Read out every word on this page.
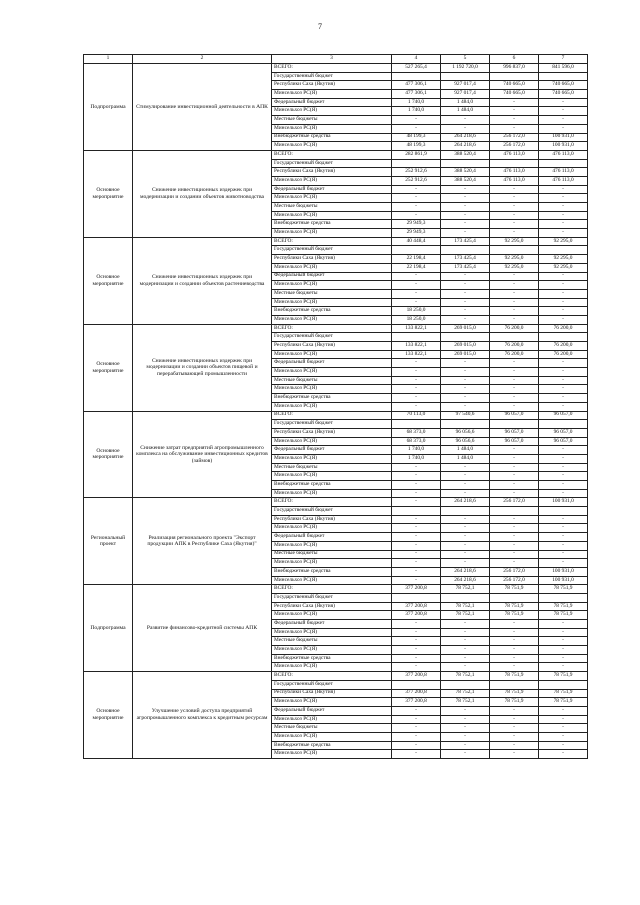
7
1	2	3	4	5	6	7
Подпрограмма	Стимулирование инвестиционной деятельности в АПК	ВСЕГО:	527 265,4	1 192 720,0	996 837,0	841 596,0
		Государственный бюджет				
		Республики Саха (Якутия)	477 306,1	927 017,4	740 665,0	740 665,0
		Минсельхоз РС(Я)	477 306,1	927 017,4	740 665,0	740 665,0
		Федеральный бюджет	1 740,0	1 484,0	-	-
		Минсельхоз РС(Я)	1 740,0	1 484,0	-	-
		Местные бюджеты	-	-	-	-
		Минсельхоз РС(Я)	-	-	-	-
		Внебюджетные средства	48 199,3	264 218,6	256 172,0	100 931,0
		Минсельхоз РС(Я)	48 199,3	264 218,6	256 172,0	100 931,0
Основное мероприятие	Снижение инвестиционных издержек при модернизации и создании объектов животноводства	ВСЕГО:	282 861,9	388 520,4	476 113,0	476 113,0
		Государственный бюджет				
		Республики Саха (Якутия)	252 912,6	388 520,4	476 113,0	476 113,0
		Минсельхоз РС(Я)	252 912,6	388 520,4	476 113,0	476 113,0
		Федеральный бюджет	-	-	-	-
		Минсельхоз РС(Я)	-	-	-	-
		Местные бюджеты	-	-	-	-
		Минсельхоз РС(Я)	-	-	-	-
		Внебюджетные средства	29 949,3	-	-	-
		Минсельхоз РС(Я)	29 949,3	-	-	-
Основное мероприятие	Снижение инвестиционных издержек при модернизации и создании объектов растениеводства	ВСЕГО:	40 448,4	173 425,4	92 295,0	92 295,0
		Государственный бюджет				
		Республики Саха (Якутия)	22 198,4	173 425,4	92 295,0	92 295,0
		Минсельхоз РС(Я)	22 198,4	173 425,4	92 295,0	92 295,0
		Федеральный бюджет	-	-	-	-
		Минсельхоз РС(Я)	-	-	-	-
		Местные бюджеты	-	-	-	-
		Минсельхоз РС(Я)	-	-	-	-
		Внебюджетные средства	18 250,0	-	-	-
		Минсельхоз РС(Я)	18 250,0	-	-	-
Основное мероприятие	Снижение инвестиционных издержек при модернизации и создании объектов пищевой и перерабатывающей промышленности	ВСЕГО:	133 822,1	269 015,0	76 200,0	76 200,0
		Государственный бюджет				
		Республики Саха (Якутия)	133 822,1	269 015,0	76 200,0	76 200,0
		Минсельхоз РС(Я)	133 822,1	269 015,0	76 200,0	76 200,0
		Федеральный бюджет	-	-	-	-
		Минсельхоз РС(Я)	-	-	-	-
		Местные бюджеты	-	-	-	-
		Минсельхоз РС(Я)	-	-	-	-
		Внебюджетные средства	-	-	-	-
		Минсельхоз РС(Я)	-	-	-	-
Основное мероприятие	Снижение затрат предприятий агропромышленного комплекса на обслуживание инвестиционных кредитов (займов)	ВСЕГО:	70 113,0	97 540,6	96 057,0	96 057,0
		Государственный бюджет				
		Республики Саха (Якутия)	68 373,0	96 056,6	96 057,0	96 057,0
		Минсельхоз РС(Я)	68 373,0	96 056,6	96 057,0	96 057,0
		Федеральный бюджет	1 740,0	1 484,0	-	-
		Минсельхоз РС(Я)	1 740,0	1 484,0	-	-
		Местные бюджеты	-	-	-	-
		Минсельхоз РС(Я)	-	-	-	-
		Внебюджетные средства	-	-	-	-
		Минсельхоз РС(Я)	-	-	-	-
Региональный проект	Реализация регионального проекта "Экспорт продукции АПК в Республике Саха (Якутия)"	ВСЕГО:	-	264 218,6	256 172,0	100 931,0
		Государственный бюджет				
		Республики Саха (Якутия)	-	-	-	-
		Минсельхоз РС(Я)	-	-	-	-
		Федеральный бюджет	-	-	-	-
		Минсельхоз РС(Я)	-	-	-	-
		Местные бюджеты	-	-	-	-
		Минсельхоз РС(Я)	-	-	-	-
		Внебюджетные средства	-	264 218,6	256 172,0	100 931,0
		Минсельхоз РС(Я)	-	264 218,6	256 172,0	100 931,0
Подпрограмма	Развитие финансово-кредитной системы АПК	ВСЕГО:	377 200,8	78 752,1	78 751,9	78 751,9
		Государственный бюджет				
		Республики Саха (Якутия)	377 200,8	78 752,1	78 751,9	78 751,9
		Минсельхоз РС(Я)	377 200,8	78 752,1	78 751,9	78 751,9
		Федеральный бюджет	-	-	-	-
		Минсельхоз РС(Я)	-	-	-	-
		Местные бюджеты	-	-	-	-
		Минсельхоз РС(Я)	-	-	-	-
		Внебюджетные средства	-	-	-	-
		Минсельхоз РС(Я)	-	-	-	-
Основное мероприятие	Улучшение условий доступа предприятий агропромышленного комплекса к кредитным ресурсам	ВСЕГО:	377 200,8	78 752,1	78 751,9	78 751,9
		Государственный бюджет				
		Республики Саха (Якутия)	377 200,8	78 752,1	78 751,9	78 751,9
		Минсельхоз РС(Я)	377 200,8	78 752,1	78 751,9	78 751,9
		Федеральный бюджет	-	-	-	-
		Минсельхоз РС(Я)	-	-	-	-
		Местные бюджеты	-	-	-	-
		Минсельхоз РС(Я)	-	-	-	-
		Внебюджетные средства	-	-	-	-
		Минсельхоз РС(Я)	-	-	-	-
